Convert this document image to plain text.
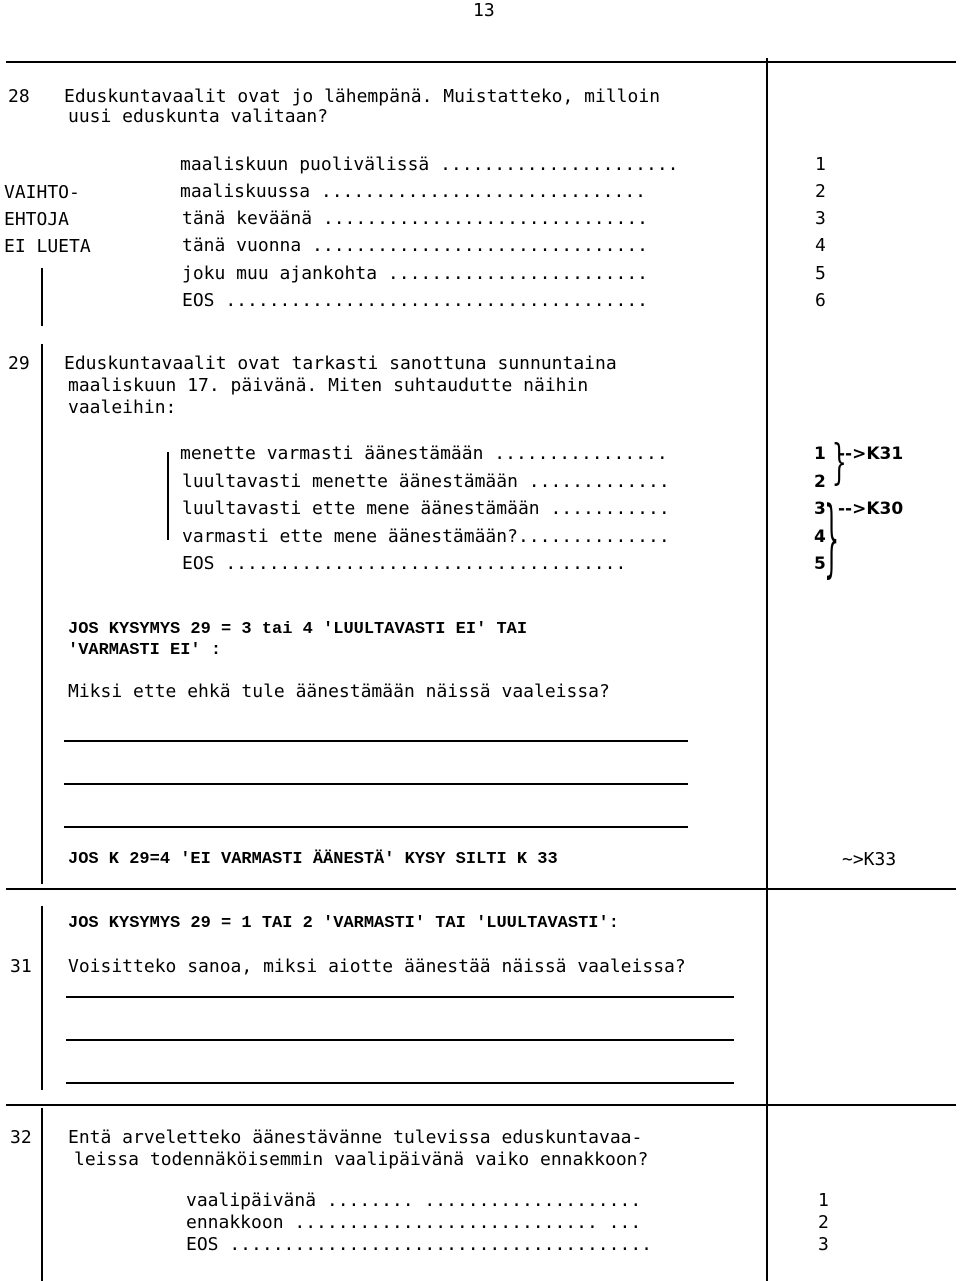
13
28 Eduskuntavaalit ovat jo lähempänä. Muistatteko, milloin
uusi eduskunta valitaan?
VAIHTO-
EHTOJA
EI LUETA
maaliskuun puolivälissä ......................
maaliskuussa ..............................
tänä keväänä ..............................
tänä vuonna ...............................
joku muu ajankohta ........................
EOS .......................................
1
2
3
4
5
6
29 Eduskuntavaalit ovat tarkasti sanottuna sunnuntaina
maaliskuun 17. päivänä. Miten suhtaudutte näihin
vaaleihin:
menette varmasti äänestämään ................
luultavasti menette äänestämään .............
luultavasti ette mene äänestämään ...........
varmasti ette mene äänestämään?..............
EOS .....................................
1
2
3
4
5
}
}
-->K31
-->K30
JOS KYSYMYS 29 = 3 tai 4 'LUULTAVASTI EI' TAI
'VARMASTI EI' :
Miksi ette ehkä tule äänestämään näissä vaaleissa?
JOS K 29=4 'EI VARMASTI ÄÄNESTÄ' KYSY SILTI K 33	~>K33
JOS KYSYMYS 29 = 1 TAI 2 'VARMASTI' TAI 'LUULTAVASTI':
31 Voisitteko sanoa, miksi aiotte äänestää näissä vaaleissa?
32 Entä arveletteko äänestävänne tulevissa eduskuntavaa-
leissa todennäköisemmin vaalipäivänä vaiko ennakkoon?
vaalipäivänä ........ ....................
ennakkoon ............................ ...
EOS .......................................
1
2
3
